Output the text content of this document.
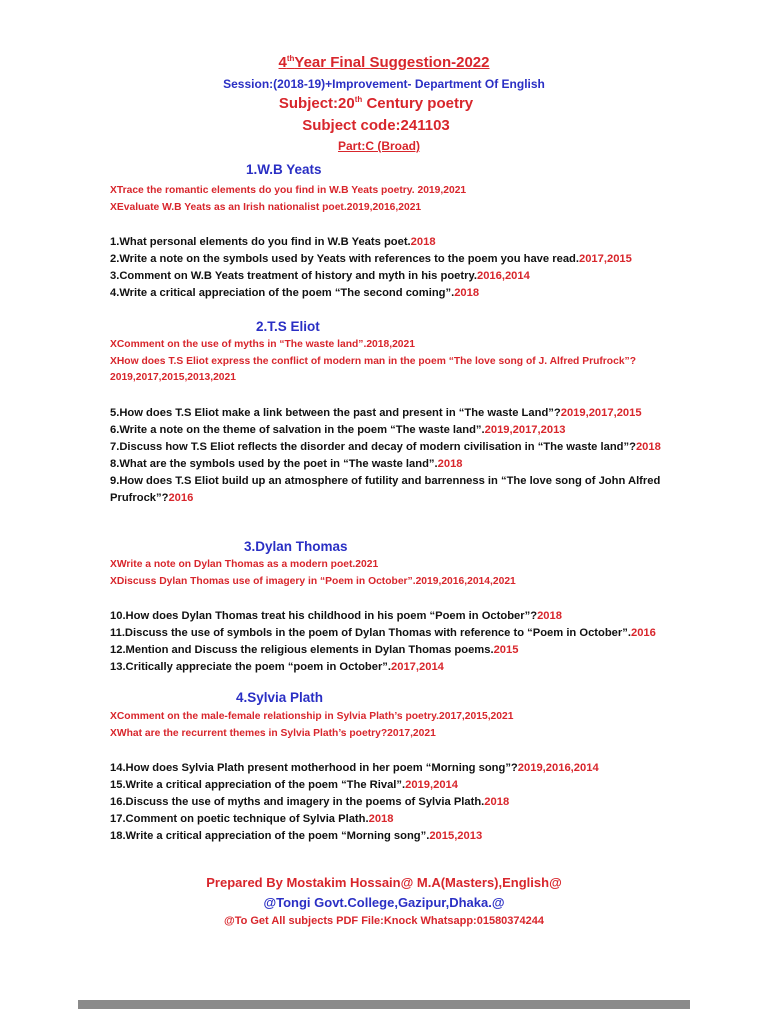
4thYear Final Suggestion-2022
Session:(2018-19)+Improvement- Department Of English
Subject:20th Century poetry
Subject code:241103
Part:C (Broad)
1.W.B Yeats
XTrace the romantic elements do you find in W.B Yeats poetry. 2019,2021
XEvaluate W.B Yeats as an Irish nationalist poet.2019,2016,2021
1.What personal elements do you find in W.B Yeats poet.2018
2.Write a note on the symbols used by Yeats with references to the poem you have read.2017,2015
3.Comment on W.B Yeats treatment of history and myth in his poetry.2016,2014
4.Write a critical appreciation of the poem “The second coming”.2018
2.T.S Eliot
XComment on the use of myths in “The waste land”.2018,2021
XHow does T.S Eliot express the conflict of modern man in the poem “The love song of J. Alfred Prufrock”?2019,2017,2015,2013,2021
5.How does T.S Eliot make a link between the past and present in “The waste Land”?2019,2017,2015
6.Write a note on the theme of salvation in the poem “The waste land”.2019,2017,2013
7.Discuss how T.S Eliot reflects the disorder and decay of modern civilisation in “The waste land”?2018
8.What are the symbols used by the poet in “The waste land”.2018
9.How does T.S Eliot build up an atmosphere of futility and barrenness in “The love song of John Alfred Prufrock”?2016
3.Dylan Thomas
XWrite a note on Dylan Thomas as a modern poet.2021
XDiscuss Dylan Thomas use of imagery in “Poem in October”.2019,2016,2014,2021
10.How does Dylan Thomas treat his childhood in his poem “Poem in October”?2018
11.Discuss the use of symbols in the poem of Dylan Thomas with reference to “Poem in October”.2016
12.Mention and Discuss the religious elements in Dylan Thomas poems.2015
13.Critically appreciate the poem “poem in October”.2017,2014
4.Sylvia Plath
XComment on the male-female relationship in Sylvia Plath’s poetry.2017,2015,2021
XWhat are the recurrent themes in Sylvia Plath’s poetry?2017,2021
14.How does Sylvia Plath present motherhood in her poem “Morning song”?2019,2016,2014
15.Write a critical appreciation of the poem “The Rival”.2019,2014
16.Discuss the use of myths and imagery in the poems of Sylvia Plath.2018
17.Comment on poetic technique of Sylvia Plath.2018
18.Write a critical appreciation of the poem “Morning song”.2015,2013
Prepared By Mostakim Hossain@ M.A(Masters),English@
@Tongi Govt.College,Gazipur,Dhaka.@
@To Get All subjects PDF File:Knock Whatsapp:01580374244
